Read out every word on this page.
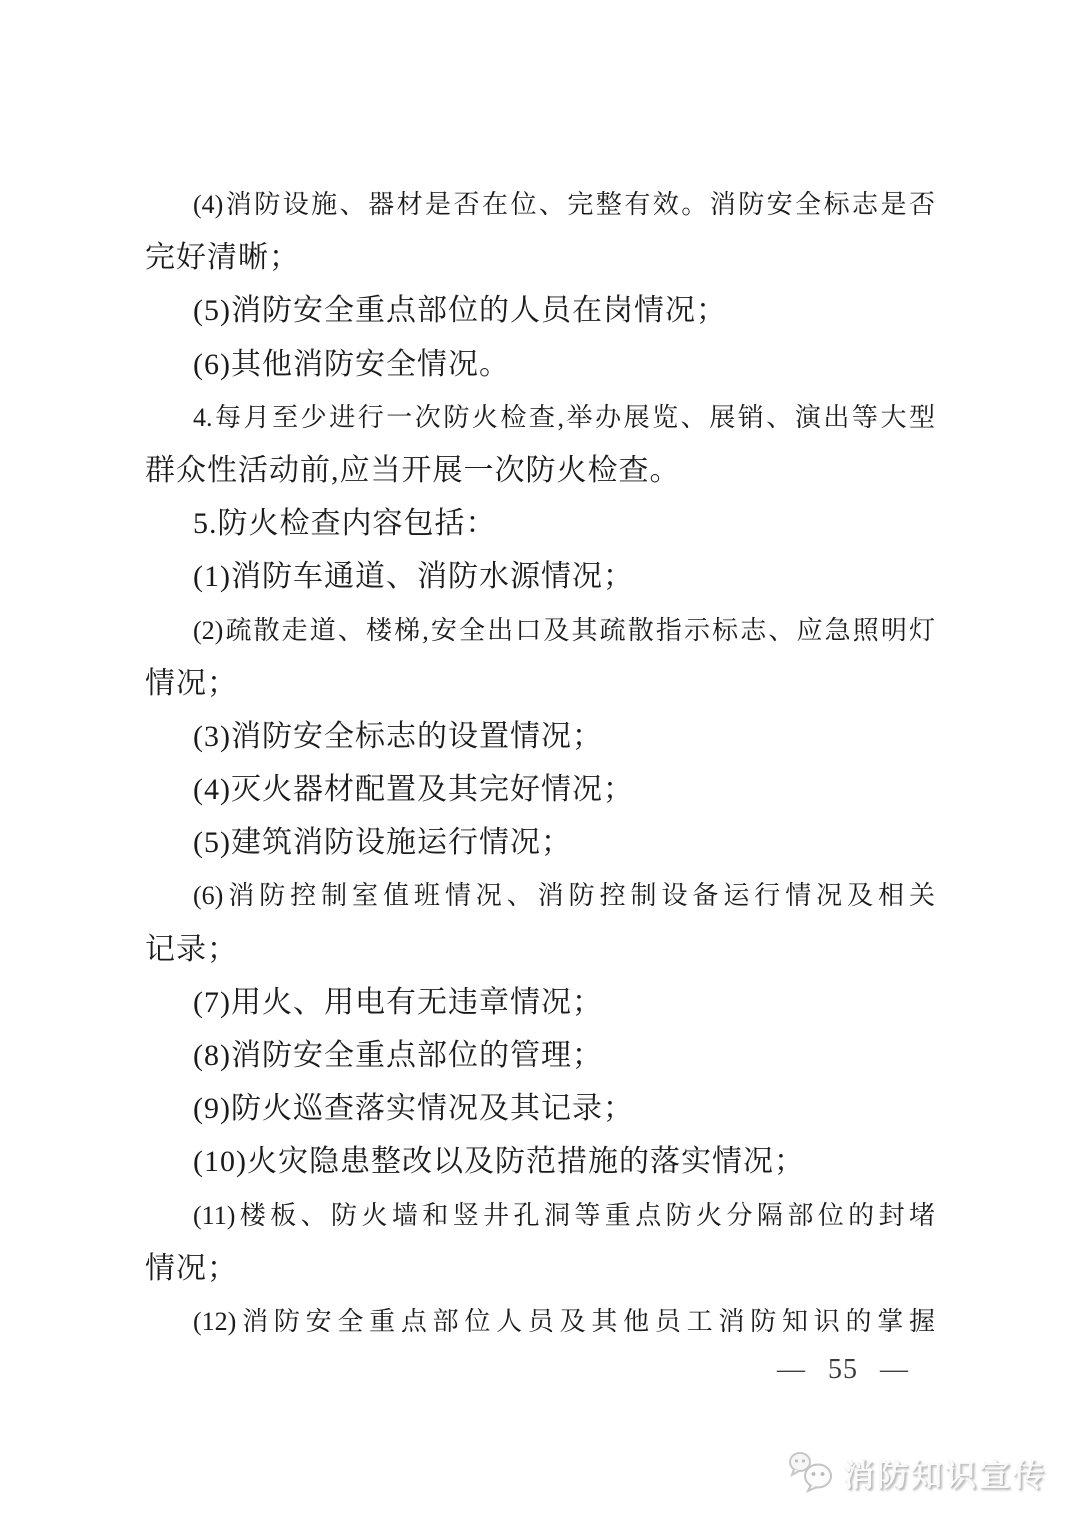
(4)消防设施、器材是否在位、完整有效。消防安全标志是否
完好清晰；
(5)消防安全重点部位的人员在岗情况；
(6)其他消防安全情况。
4.每月至少进行一次防火检查,举办展览、展销、演出等大型
群众性活动前,应当开展一次防火检查。
5.防火检查内容包括：
(1)消防车通道、消防水源情况；
(2)疏散走道、楼梯,安全出口及其疏散指示标志、应急照明灯
情况；
(3)消防安全标志的设置情况；
(4)灭火器材配置及其完好情况；
(5)建筑消防设施运行情况；
(6)消防控制室值班情况、消防控制设备运行情况及相关
记录；
(7)用火、用电有无违章情况；
(8)消防安全重点部位的管理；
(9)防火巡查落实情况及其记录；
(10)火灾隐患整改以及防范措施的落实情况；
(11)楼板、防火墙和竖井孔洞等重点防火分隔部位的封堵
情况；
(12)消防安全重点部位人员及其他员工消防知识的掌握
— 55 —
消防知识宣传
